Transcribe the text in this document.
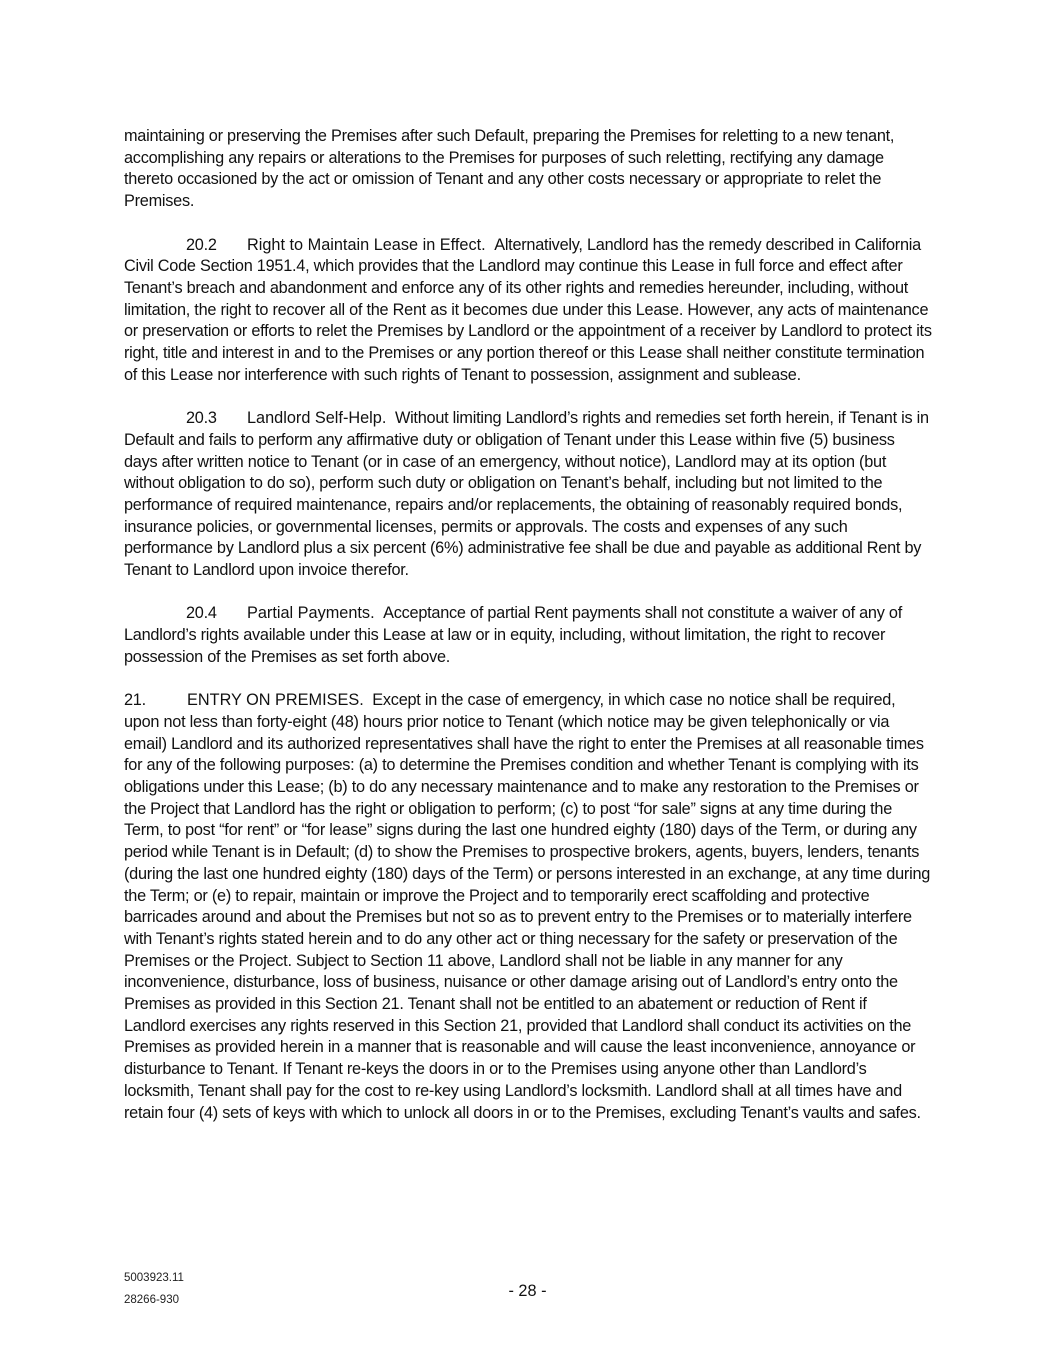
maintaining or preserving the Premises after such Default, preparing the Premises for reletting to a new tenant, accomplishing any repairs or alterations to the Premises for purposes of such reletting, rectifying any damage thereto occasioned by the act or omission of Tenant and any other costs necessary or appropriate to relet the Premises.

20.2 Right to Maintain Lease in Effect. Alternatively, Landlord has the remedy described in California Civil Code Section 1951.4, which provides that the Landlord may continue this Lease in full force and effect after Tenant’s breach and abandonment and enforce any of its other rights and remedies hereunder, including, without limitation, the right to recover all of the Rent as it becomes due under this Lease. However, any acts of maintenance or preservation or efforts to relet the Premises by Landlord or the appointment of a receiver by Landlord to protect its right, title and interest in and to the Premises or any portion thereof or this Lease shall neither constitute termination of this Lease nor interference with such rights of Tenant to possession, assignment and sublease.

20.3 Landlord Self-Help. Without limiting Landlord’s rights and remedies set forth herein, if Tenant is in Default and fails to perform any affirmative duty or obligation of Tenant under this Lease within five (5) business days after written notice to Tenant (or in case of an emergency, without notice), Landlord may at its option (but without obligation to do so), perform such duty or obligation on Tenant’s behalf, including but not limited to the performance of required maintenance, repairs and/or replacements, the obtaining of reasonably required bonds, insurance policies, or governmental licenses, permits or approvals. The costs and expenses of any such performance by Landlord plus a six percent (6%) administrative fee shall be due and payable as additional Rent by Tenant to Landlord upon invoice therefor.

20.4 Partial Payments. Acceptance of partial Rent payments shall not constitute a waiver of any of Landlord’s rights available under this Lease at law or in equity, including, without limitation, the right to recover possession of the Premises as set forth above.

21.	ENTRY ON PREMISES. Except in the case of emergency, in which case no notice shall be required, upon not less than forty-eight (48) hours prior notice to Tenant (which notice may be given telephonically or via email) Landlord and its authorized representatives shall have the right to enter the Premises at all reasonable times for any of the following purposes: (a) to determine the Premises condition and whether Tenant is complying with its obligations under this Lease; (b) to do any necessary maintenance and to make any restoration to the Premises or the Project that Landlord has the right or obligation to perform; (c) to post “for sale” signs at any time during the Term, to post “for rent” or “for lease” signs during the last one hundred eighty (180) days of the Term, or during any period while Tenant is in Default; (d) to show the Premises to prospective brokers, agents, buyers, lenders, tenants (during the last one hundred eighty (180) days of the Term) or persons interested in an exchange, at any time during the Term; or (e) to repair, maintain or improve the Project and to temporarily erect scaffolding and protective barricades around and about the Premises but not so as to prevent entry to the Premises or to materially interfere with Tenant’s rights stated herein and to do any other act or thing necessary for the safety or preservation of the Premises or the Project. Subject to Section 11 above, Landlord shall not be liable in any manner for any inconvenience, disturbance, loss of business, nuisance or other damage arising out of Landlord’s entry onto the Premises as provided in this Section 21. Tenant shall not be entitled to an abatement or reduction of Rent if Landlord exercises any rights reserved in this Section 21, provided that Landlord shall conduct its activities on the Premises as provided herein in a manner that is reasonable and will cause the least inconvenience, annoyance or disturbance to Tenant. If Tenant re-keys the doors in or to the Premises using anyone other than Landlord’s locksmith, Tenant shall pay for the cost to re-key using Landlord’s locksmith. Landlord shall at all times have and retain four (4) sets of keys with which to unlock all doors in or to the Premises, excluding Tenant’s vaults and safes.

5003923.11
28266-930	- 28 -
